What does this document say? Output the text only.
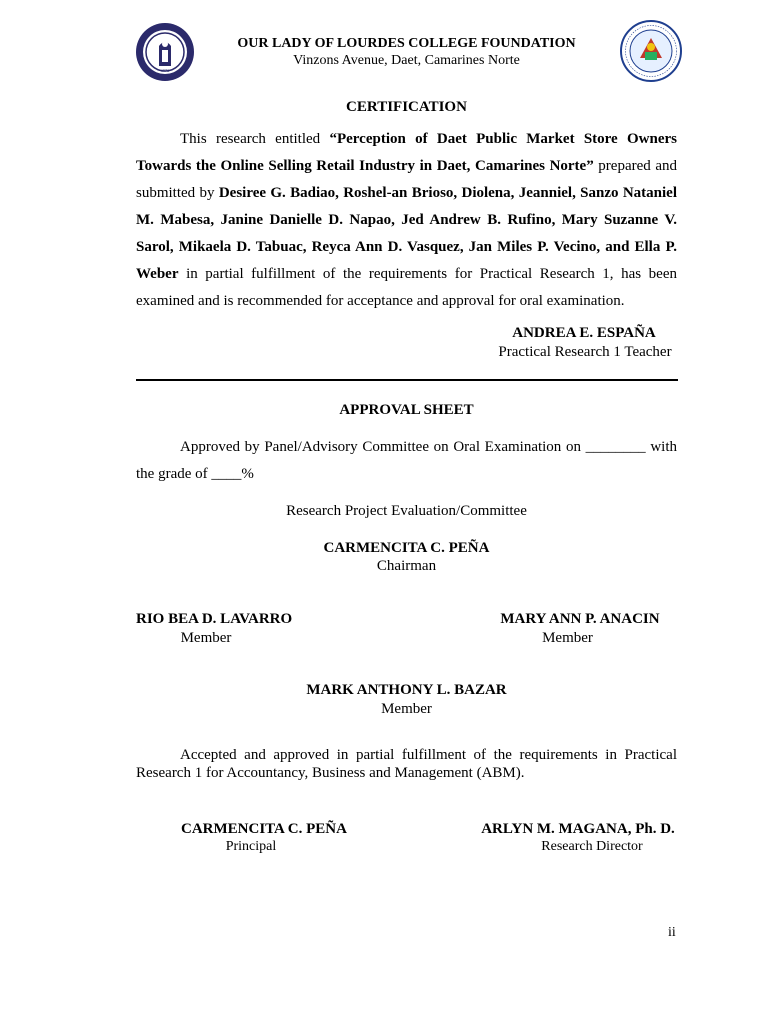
1973
OUR LADY OF LOURDES COLLEGE FOUNDATION
Vinzons Avenue, Daet, Camarines Norte
CERTIFICATION
This research entitled “Perception of Daet Public Market Store Owners Towards the Online Selling Retail Industry in Daet, Camarines Norte” prepared and submitted by Desiree G. Badiao, Roshel-an Brioso, Diolena, Jeanniel, Sanzo Nataniel M. Mabesa, Janine Danielle D. Napao, Jed Andrew B. Rufino, Mary Suzanne V. Sarol, Mikaela D. Tabuac, Reyca Ann D. Vasquez, Jan Miles P. Vecino, and Ella P. Weber in partial fulfillment of the requirements for Practical Research 1, has been examined and is recommended for acceptance and approval for oral examination.
ANDREA E. ESPAÑA
Practical Research 1 Teacher
APPROVAL SHEET
Approved by Panel/Advisory Committee on Oral Examination on ________ with the grade of ____%
Research Project Evaluation/Committee
CARMENCITA C. PEÑA
Chairman
RIO BEA D. LAVARRO
Member
MARY ANN P. ANACIN
Member
MARK ANTHONY L. BAZAR
Member
Accepted and approved in partial fulfillment of the requirements in Practical Research 1 for Accountancy, Business and Management (ABM).
CARMENCITA C. PEÑA
Principal
ARLYN M. MAGANA, Ph. D.
Research Director
ii
